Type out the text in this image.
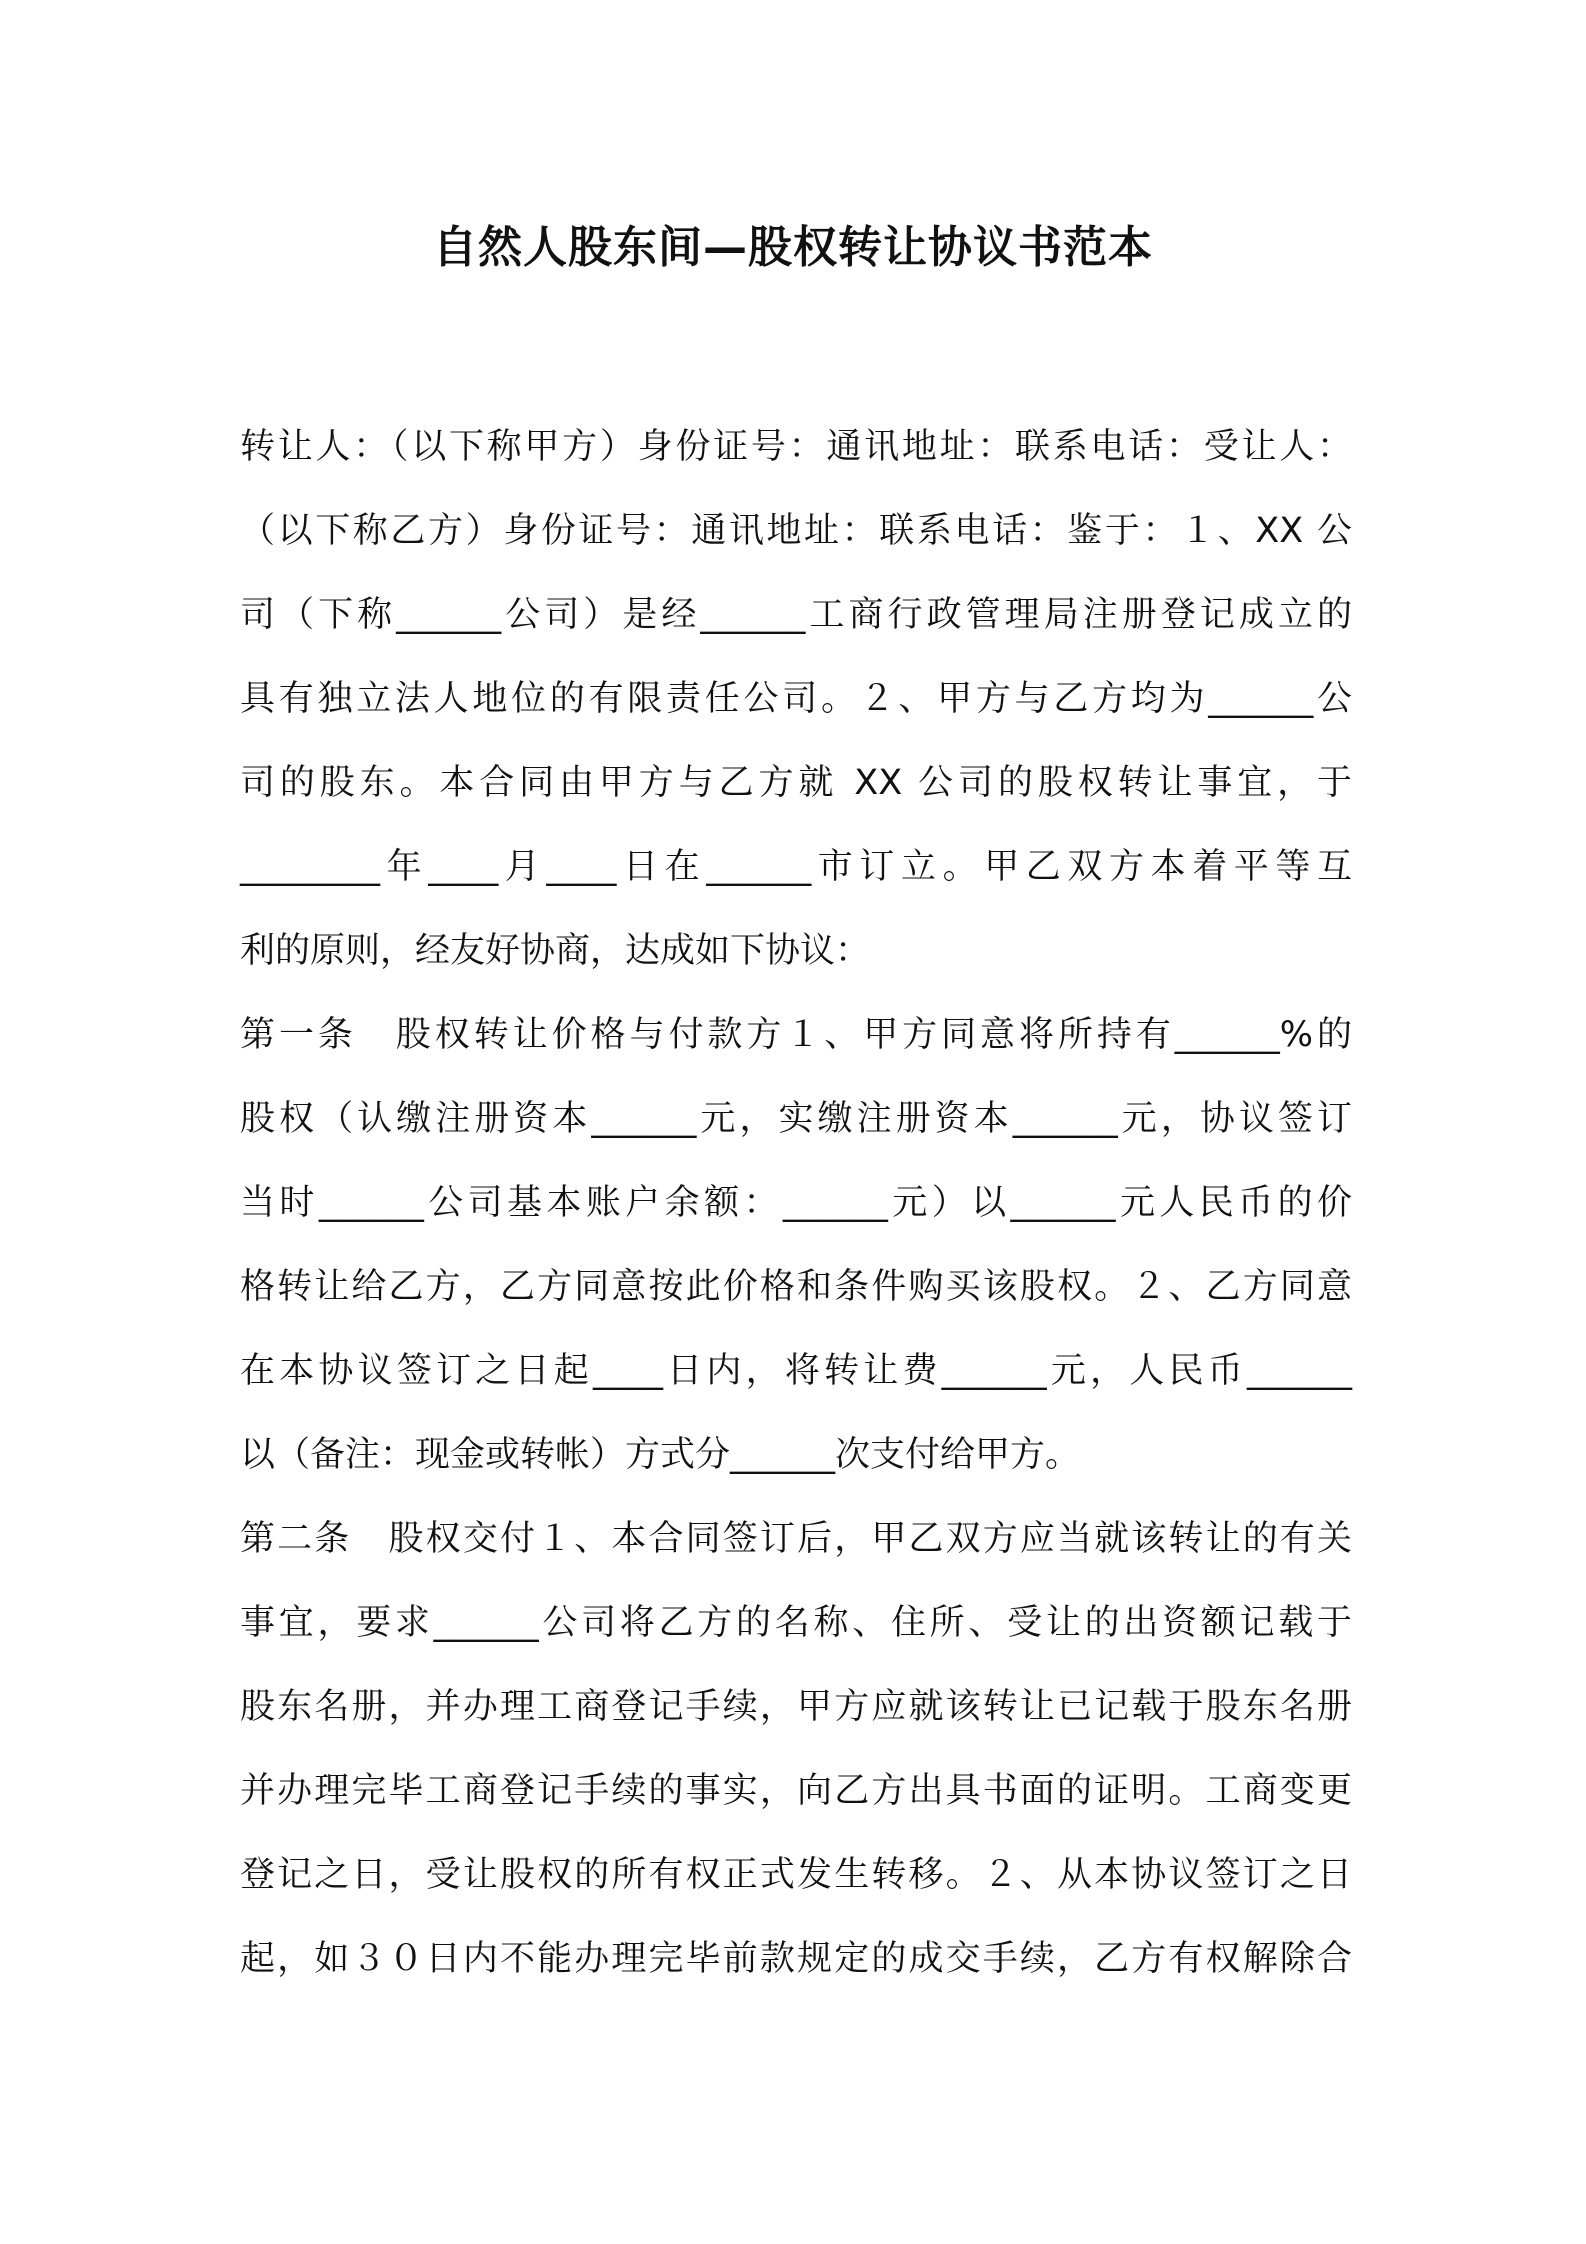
自然人股东间—股权转让协议书范本
转让人：（以下称甲方）身份证号：通讯地址：联系电话：受让人：
（以下称乙方）身份证号：通讯地址：联系电话：鉴于：１、XX 公
司（下称______公司）是经______工商行政管理局注册登记成立的
具有独立法人地位的有限责任公司。２、甲方与乙方均为______公
司的股东。本合同由甲方与乙方就 XX 公司的股权转让事宜，于
________年____月____日在______市订立。甲乙双方本着平等互
利的原则，经友好协商，达成如下协议：
第一条　股权转让价格与付款方１、甲方同意将所持有______%的
股权（认缴注册资本______元，实缴注册资本______元，协议签订
当时______公司基本账户余额：______元）以______元人民币的价
格转让给乙方，乙方同意按此价格和条件购买该股权。２、乙方同意
在本协议签订之日起____日内，将转让费______元，人民币______
以（备注：现金或转帐）方式分______次支付给甲方。
第二条　股权交付１、本合同签订后，甲乙双方应当就该转让的有关
事宜，要求______公司将乙方的名称、住所、受让的出资额记载于
股东名册，并办理工商登记手续，甲方应就该转让已记载于股东名册
并办理完毕工商登记手续的事实，向乙方出具书面的证明。工商变更
登记之日，受让股权的所有权正式发生转移。２、从本协议签订之日
起，如３０日内不能办理完毕前款规定的成交手续，乙方有权解除合
